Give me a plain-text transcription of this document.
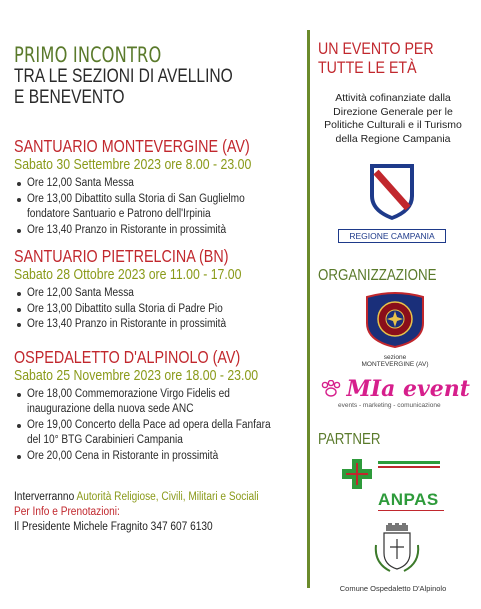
PRIMO INCONTRO
TRA LE SEZIONI DI AVELLINO
E BENEVENTO
SANTUARIO MONTEVERGINE (AV)
Sabato 30 Settembre 2023 ore 8.00 - 23.00
Ore 12,00 Santa Messa
Ore 13,00 Dibattito sulla Storia di San Guglielmo
fondatore Santuario e Patrono dell'Irpinia
Ore 13,40 Pranzo in Ristorante in prossimità
SANTUARIO PIETRELCINA (BN)
Sabato 28 Ottobre 2023 ore 11.00 - 17.00
Ore 12,00 Santa Messa
Ore 13,00 Dibattito sulla Storia di Padre Pio
Ore 13,40 Pranzo in Ristorante in prossimità
OSPEDALETTO D'ALPINOLO (AV)
Sabato 25 Novembre 2023 ore 18.00 - 23.00
Ore 18,00 Commemorazione Virgo Fidelis ed
inaugurazione della nuova sede ANC
Ore 19,00 Concerto della Pace ad opera della Fanfara
del 10° BTG Carabinieri Campania
Ore 20,00 Cena in Ristorante in prossimità
Interverranno Autorità Religiose, Civili, Militari e Sociali
Per Info e Prenotazioni:
Il Presidente Michele Fragnito 347 607 6130
UN EVENTO PER
TUTTE LE ETÀ
Attività cofinanziate dalla
Direzione Generale per le
Politiche Culturali e il Turismo
della Regione Campania
REGIONE CAMPANIA
ORGANIZZAZIONE
sezione MONTEVERGINE (AV)
MIa event
events - marketing - comunicazione
PARTNER
ANPAS
Comune Ospedaletto D'Alpinolo
